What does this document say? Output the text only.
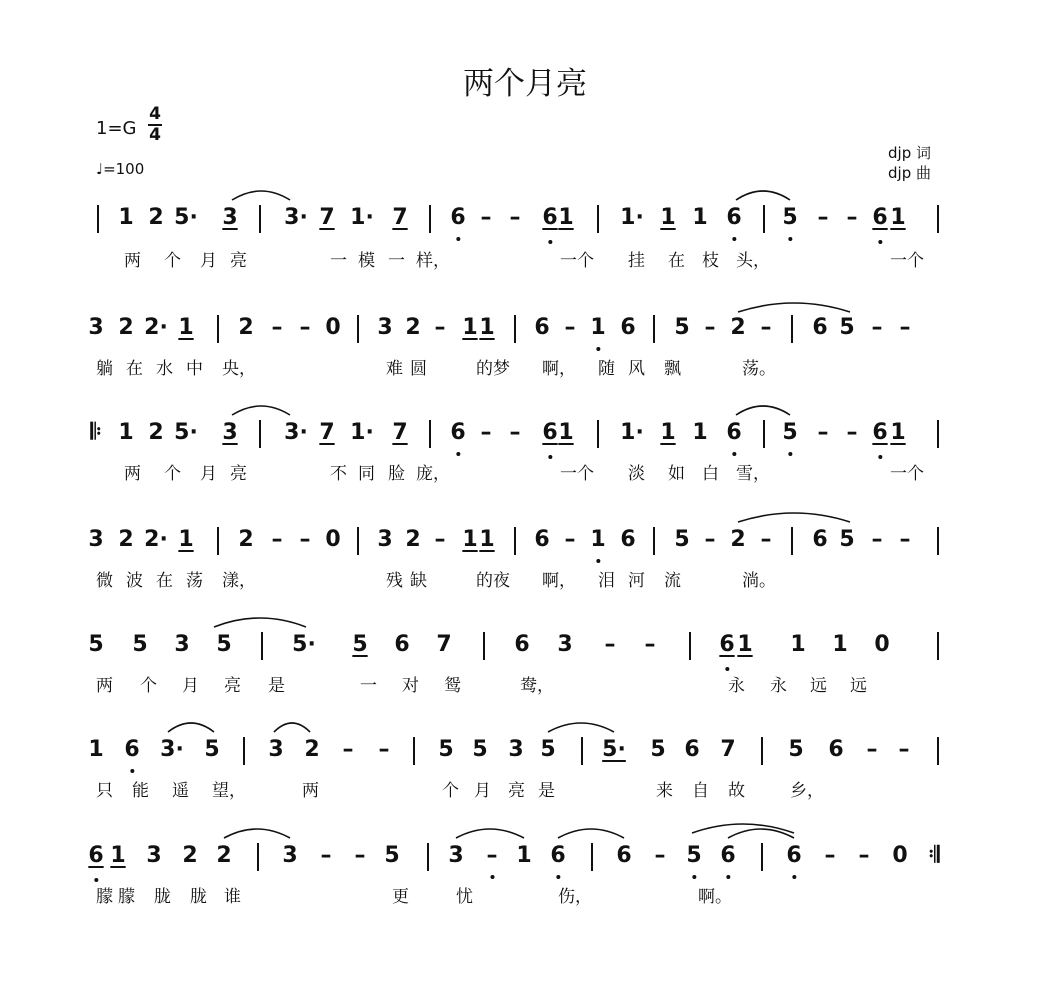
两个月亮
1=G
4
4
♩=100
djp 词
djp 曲
1 2 5· 3 3· 7 1· 7 6 – – 6 1 1· 1 1 6 5 – – 6 1
两 个 月 亮	一 模 一 样，	一个 挂 在 枝 头，	一个
3 2 2· 1 2 – – 0 3 2 – 1 1 6 – 1 6 5 – 2 – 6 5 – –
躺 在 水 中 央，	难 圆	的梦 啊， 随 风 飘	荡。
𝄆 1 2 5· 3 3· 7 1· 7 6 – – 6 1 1· 1 1 6 5 – – 6 1
两 个 月 亮	不 同 脸 庞，	一个 淡 如 白 雪，	一个
3 2 2· 1 2 – – 0 3 2 – 1 1 6 – 1 6 5 – 2 – 6 5 – –
微 波 在 荡 漾，	残 缺	的夜 啊， 泪 河 流	淌。
5 5 3 5	5· 5 6 7	6 3 – –	6 1 1 1 0
两 个 月 亮 是	一 对 鸳	鸯，	永 永 远 远
1 6 3· 5 3 2 – – 5 5 3 5 5· 5 6 7 5 6 – –
只 能 遥 望，	两	个 月 亮 是	来 自 故	乡，
6 1 3 2 2 3 – – 5 3 – 1 6 6 – 5 6 6 – – 0 𝄇
朦 朦 胧 胧 谁	更	忧	伤，	啊。
